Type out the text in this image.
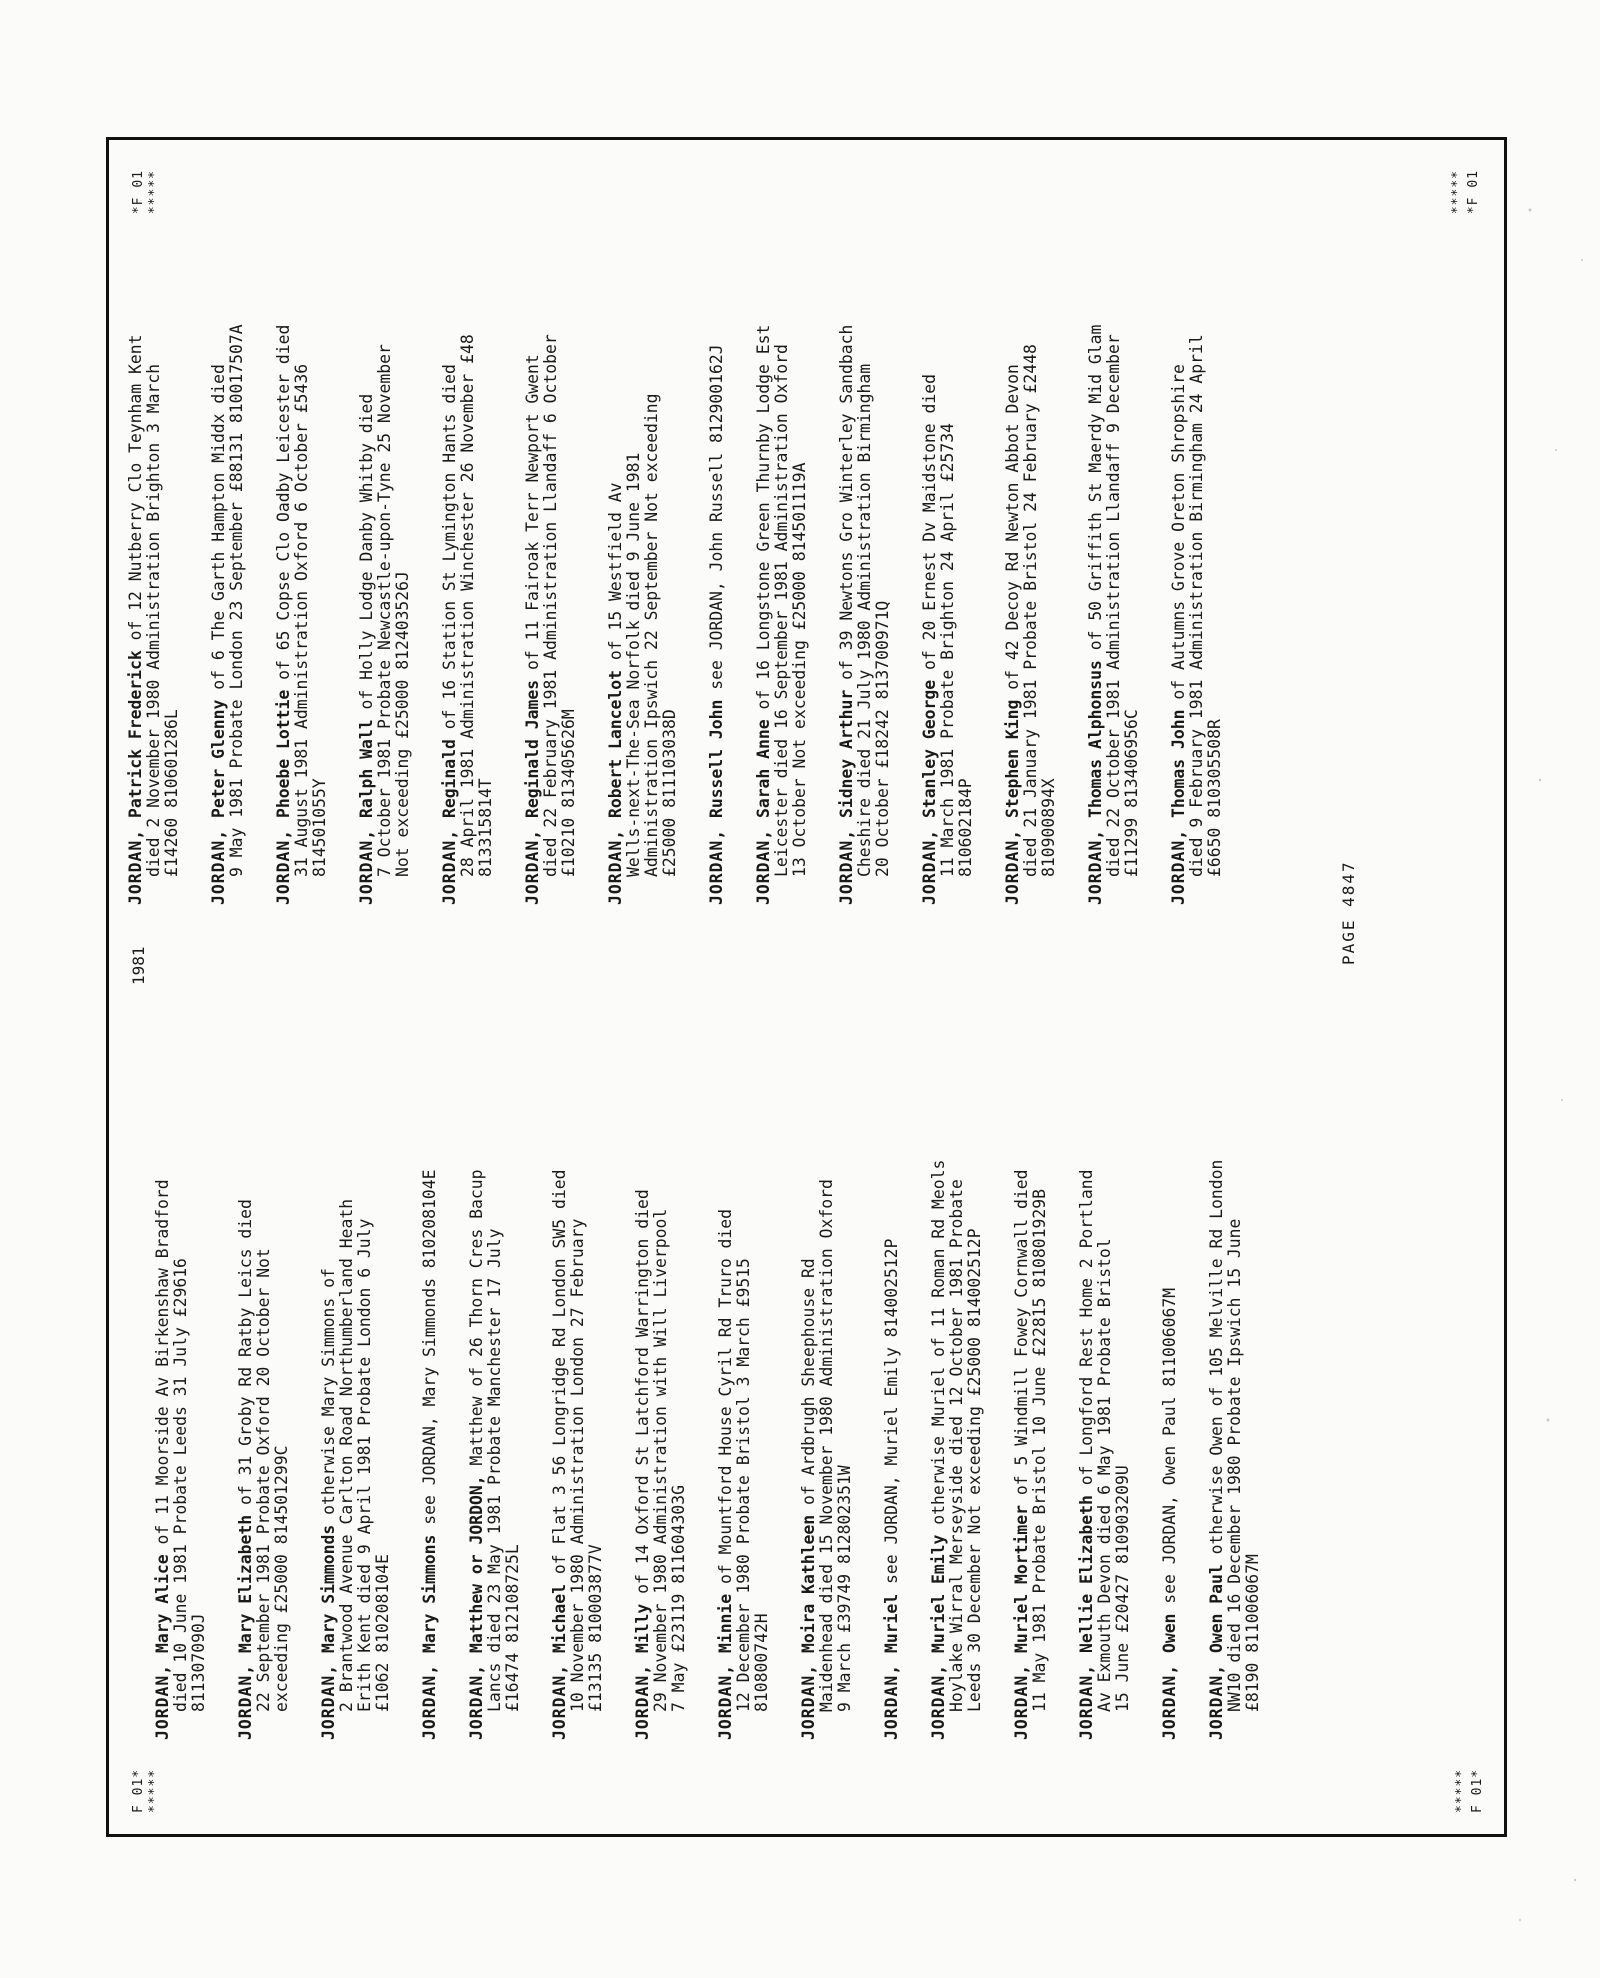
F 01*
*****
*F 01
*****
*****
F 01*
*****
*F 01
1981
PAGE 4847
JORDAN, Mary Alice of 11 Moorside Av Birkenshaw Bradford
died 10 June 1981 Probate Leeds 31 July £29616
811307090J JORDAN, Mary Elizabeth of 31 Groby Rd Ratby Leics died
22 September 1981 Probate Oxford 20 October Not
exceeding £25000 814501299C
JORDAN, Mary Simmonds otherwise Mary Simmons of
2 Brantwood Avenue Carlton Road Northumberland Heath
Erith Kent died 9 April 1981 Probate London 6 July
£1062 810208104E
JORDAN, Mary Simmons see JORDAN, Mary Simmonds 810208104E
JORDAN, Matthew or JORDON, Matthew of 26 Thorn Cres Bacup
Lancs died 23 May 1981 Probate Manchester 17 July
£16474 812108725L
JORDAN, Michael of Flat 3 56 Longridge Rd London SW5 died
10 November 1980 Administration London 27 February
£13135 810003877V
JORDAN, Milly of 14 Oxford St Latchford Warrington died
29 November 1980 Administration with Will Liverpool
7 May £23119 811604303G
JORDAN, Minnie of Mountford House Cyril Rd Truro died
12 December 1980 Probate Bristol 3 March £9515
810800742H JORDAN, Moira Kathleen of Ardbrugh Sheephouse Rd
Maidenhead died 15 November 1980 Administration Oxford
9 March £39749 812802351W
JORDAN, Muriel see JORDAN, Muriel Emily 814002512P
JORDAN, Muriel Emily otherwise Muriel of 11 Roman Rd Meols
Hoylake Wirral Merseyside died 12 October 1981 Probate
Leeds 30 December Not exceeding £25000 814002512P
JORDAN, Muriel Mortimer of 5 Windmill Fowey Cornwall died
11 May 1981 Probate Bristol 10 June £22815 810801929B
JORDAN, Nellie Elizabeth of Longford Rest Home 2 Portland
Av Exmouth Devon died 6 May 1981 Probate Bristol
15 June £20427 810903209U
JORDAN, Owen see JORDAN, Owen Paul 811006067M
JORDAN, Owen Paul otherwise Owen of 105 Melville Rd London
NW10 died 16 December 1980 Probate Ipswich 15 June
£8190 811006067M
JORDAN, Patrick Frederick of 12 Nutberry Clo Teynham Kent
died 2 November 1980 Administration Brighton 3 March
£14260 810601286L
JORDAN, Peter Glenny of 6 The Garth Hampton Middx died
9 May 1981 Probate London 23 September £88131 810017507A
JORDAN, Phoebe Lottie of 65 Copse Clo Oadby Leicester died
31 August 1981 Administration Oxford 6 October £5436
814501055Y JORDAN, Ralph Wall of Holly Lodge Danby Whitby died
7 October 1981 Probate Newcastle-upon-Tyne 25 November
Not exceeding £25000 812403526J
JORDAN, Reginald of 16 Station St Lymington Hants died
28 April 1981 Administration Winchester 26 November £48
813315814T JORDAN, Reginald James of 11 Fairoak Terr Newport Gwent
died 22 February 1981 Administration Llandaff 6 October
£10210 813405626M
JORDAN, Robert Lancelot of 15 Westfield Av
Wells-next-The-Sea Norfolk died 9 June 1981
Administration Ipswich 22 September Not exceeding
£25000 811103038D
JORDAN, Russell John see JORDAN, John Russell 812900162J
JORDAN, Sarah Anne of 16 Longstone Green Thurnby Lodge Est
Leicester died 16 September 1981 Administration Oxford
13 October Not exceeding £25000 814501119A
JORDAN, Sidney Arthur of 39 Newtons Gro Winterley Sandbach
Cheshire died 21 July 1980 Administration Birmingham
20 October £18242 813700971Q
JORDAN, Stanley George of 20 Ernest Dv Maidstone died
11 March 1981 Probate Brighton 24 April £25734
810602184P JORDAN, Stephen King of 42 Decoy Rd Newton Abbot Devon
died 21 January 1981 Probate Bristol 24 February £2448
810900894X JORDAN, Thomas Alphonsus of 50 Griffith St Maerdy Mid Glam
died 22 October 1981 Administration Llandaff 9 December
£11299 813406956C
JORDAN, Thomas John of Autumns Grove Oreton Shropshire
died 9 February 1981 Administration Birmingham 24 April
£6650 810305508R
